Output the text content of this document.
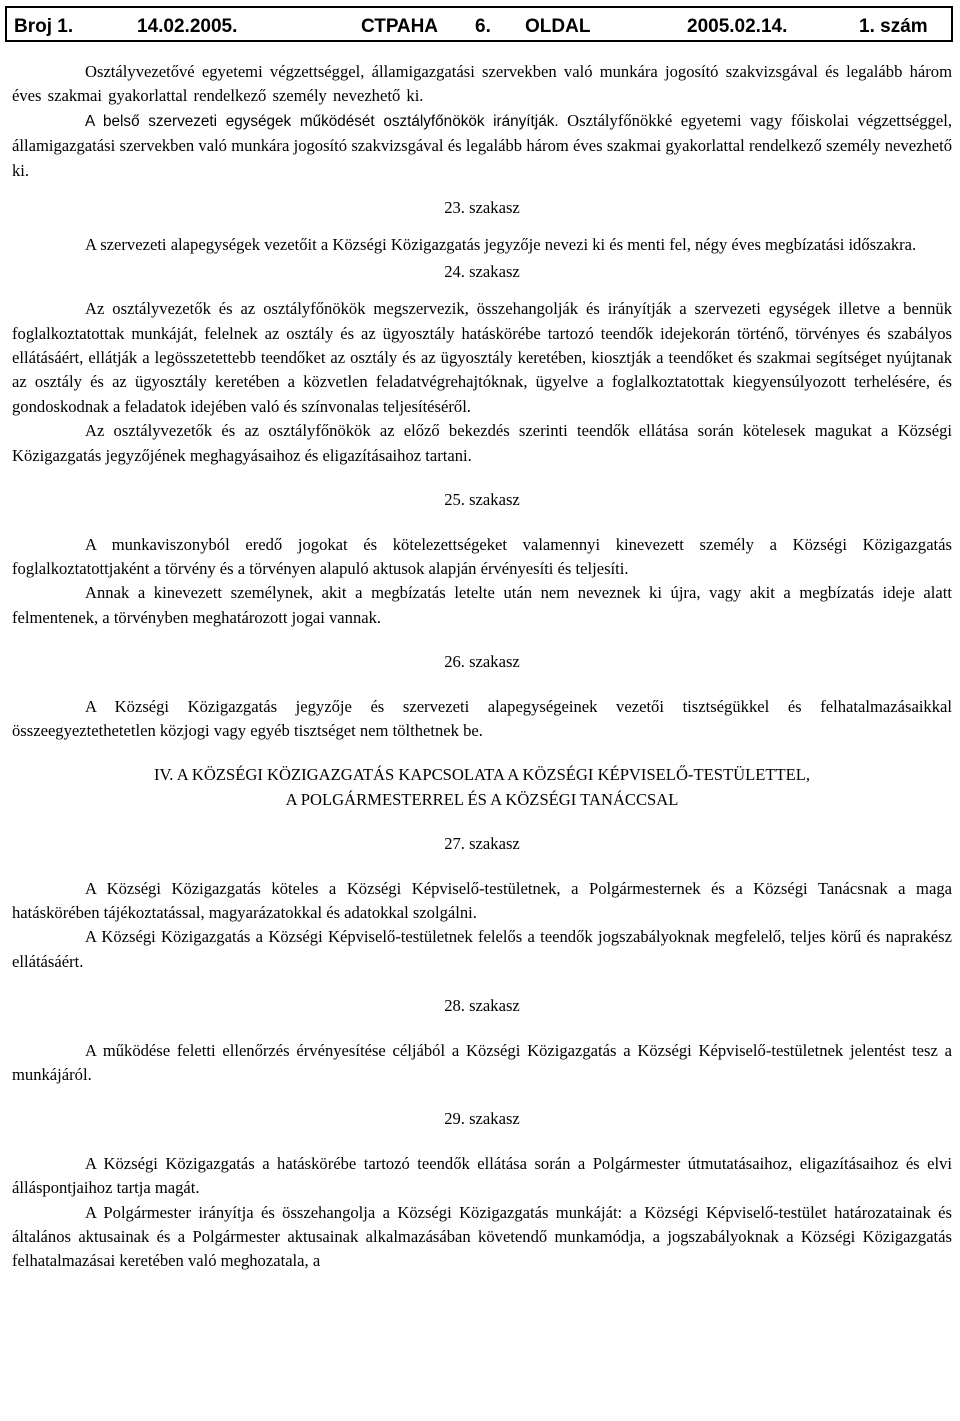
Broj 1.	14.02.2005.	СТРАНА 6. OLDAL	2005.02.14.	1. szám

Osztályvezetővé egyetemi végzettséggel, államigazgatási szervekben való munkára jogosító szakvizsgával és legalább három éves szakmai gyakorlattal rendelkező személy nevezhető ki.

A belső szervezeti egységek működését osztályfőnökök irányítják. Osztályfőnökké egyetemi vagy főiskolai végzettséggel, államigazgatási szervekben való munkára jogosító szakvizsgával és legalább három éves szakmai gyakorlattal rendelkező személy nevezhető ki.

23. szakasz

A szervezeti alapegységek vezetőit a Községi Közigazgatás jegyzője nevezi ki és menti fel, négy éves megbízatási időszakra.

24. szakasz

Az osztályvezetők és az osztályfőnökök megszervezik, összehangolják és irányítják a szervezeti egységek illetve a bennük foglalkoztatottak munkáját, felelnek az osztály és az ügyosztály hatáskörébe tartozó teendők idejekorán történő, törvényes és szabályos ellátásáért, ellátják a legösszetettebb teendőket az osztály és az ügyosztály keretében, kiosztják a teendőket és szakmai segítséget nyújtanak az osztály és az ügyosztály keretében a közvetlen feladatvégrehajtóknak, ügyelve a foglalkoztatottak kiegyensúlyozott terhelésére, és gondoskodnak a feladatok idejében való és színvonalas teljesítéséről.

Az osztályvezetők és az osztályfőnökök az előző bekezdés szerinti teendők ellátása során kötelesek magukat a Községi Közigazgatás jegyzőjének meghagyásaihoz és eligazításaihoz tartani.

25. szakasz

A munkaviszonyból eredő jogokat és kötelezettségeket valamennyi kinevezett személy a Községi Közigazgatás foglalkoztatottjaként a törvény és a törvényen alapuló aktusok alapján érvényesíti és teljesíti.

Annak a kinevezett személynek, akit a megbízatás letelte után nem neveznek ki újra, vagy akit a megbízatás ideje alatt felmentenek, a törvényben meghatározott jogai vannak.

26. szakasz

A Községi Közigazgatás jegyzője és szervezeti alapegységeinek vezetői tisztségükkel és felhatalmazásaikkal összeegyeztethetetlen közjogi vagy egyéb tisztséget nem tölthetnek be.

IV. A KÖZSÉGI KÖZIGAZGATÁS KAPCSOLATA A KÖZSÉGI KÉPVISELŐ-TESTÜLETTEL,

A POLGÁRMESTERREL ÉS A KÖZSÉGI TANÁCCSAL

27. szakasz

A Községi Közigazgatás köteles a Községi Képviselő-testületnek, a Polgármesternek és a Községi Tanácsnak a maga hatáskörében tájékoztatással, magyarázatokkal és adatokkal szolgálni.

A Községi Közigazgatás a Községi Képviselő-testületnek felelős a teendők jogszabályoknak megfelelő, teljes körű és naprakész ellátásáért.

28. szakasz

A működése feletti ellenőrzés érvényesítése céljából a Községi Közigazgatás a Községi Képviselő-testületnek jelentést tesz a munkájáról.

29. szakasz

A Községi Közigazgatás a hatáskörébe tartozó teendők ellátása során a Polgármester útmutatásaihoz, eligazításaihoz és elvi álláspontjaihoz tartja magát.

A Polgármester irányítja és összehangolja a Községi Közigazgatás munkáját: a Községi Képviselő-testület határozatainak és általános aktusainak és a Polgármester aktusainak alkalmazásában követendő munkamódja, a jogszabályoknak a Községi Közigazgatás felhatalmazásai keretében való meghozatala, a
